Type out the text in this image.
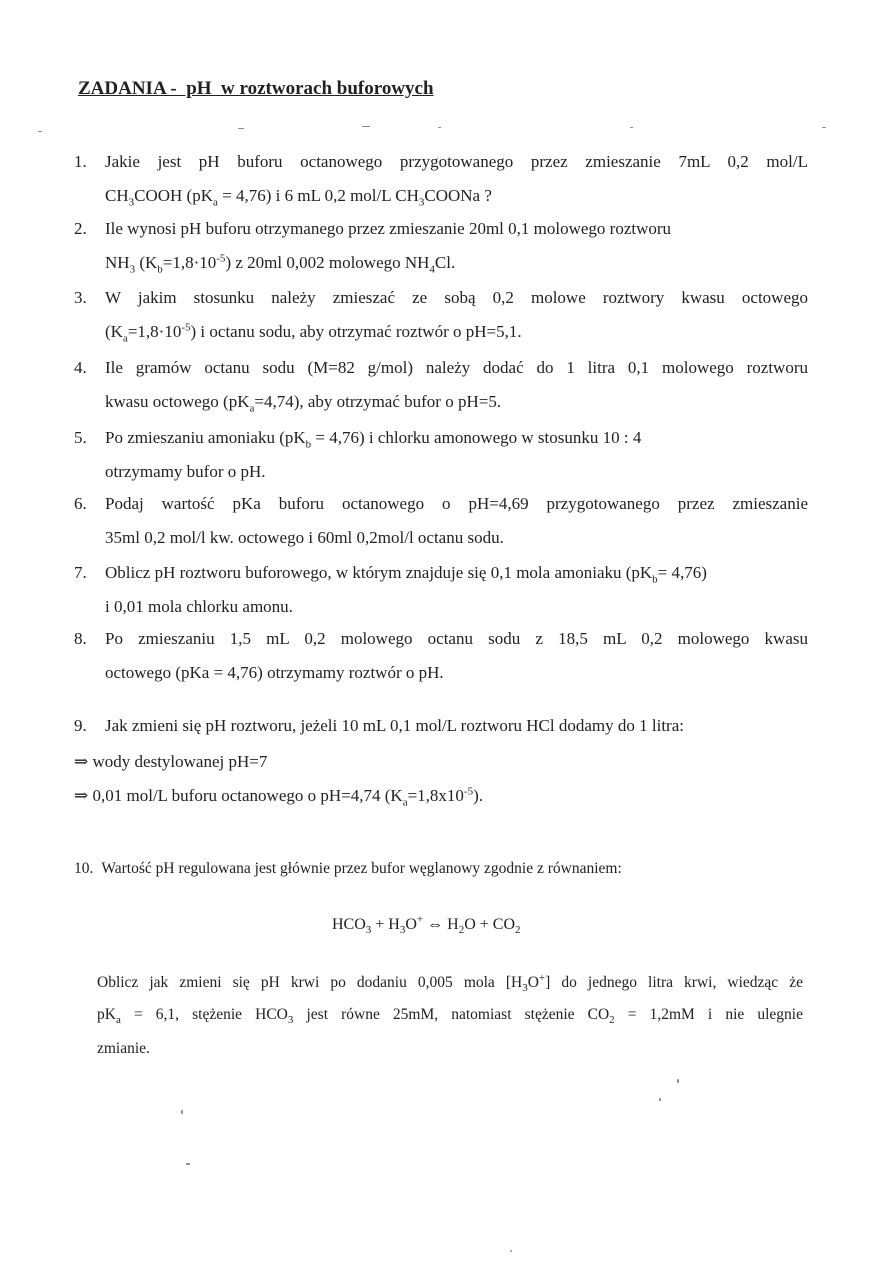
ZADANIA -  pH  w roztworach buforowych
1. Jakie jest pH buforu octanowego przygotowanego przez zmieszanie 7mL 0,2 mol/L
$CH_3COOH$ $(pK_a = 4,76)$ i 6 mL 0,2 mol/L $CH_3COONa$ ?
2. Ile wynosi pH buforu otrzymanego przez zmieszanie 20ml 0,1 molowego roztworu
$NH_3$ $(K_b=1,8\cdot 10^{-5})$ z 20ml 0,002 molowego $NH_4Cl$.
3. W jakim stosunku należy zmieszać ze sobą 0,2 molowe roztwory kwasu octowego
$(K_a=1,8\cdot 10^{-5})$ i octanu sodu, aby otrzymać roztwór o pH=5,1.
4. Ile gramów octanu sodu (M=82 g/mol) należy dodać do 1 litra 0,1 molowego roztworu
kwasu octowego $(pK_a=4,74)$, aby otrzymać bufor o pH=5.
5. Po zmieszaniu amoniaku $(pK_b = 4,76)$ i chlorku amonowego w stosunku 10 : 4
otrzymamy bufor o pH.
6. Podaj wartość pKa buforu octanowego o pH=4,69 przygotowanego przez zmieszanie
35ml 0,2 mol/l kw. octowego i 60ml 0,2mol/l octanu sodu.
7. Oblicz pH roztworu buforowego, w którym znajduje się 0,1 mola amoniaku $(pK_b= 4,76)$
i 0,01 mola chlorku amonu.
8. Po zmieszaniu 1,5 mL 0,2 molowego octanu sodu z 18,5 mL 0,2 molowego kwasu
octowego (pKa = 4,76) otrzymamy roztwór o pH.
9. Jak zmieni się pH roztworu, jeżeli 10 mL 0,1 mol/L roztworu HCl dodamy do 1 litra:
⇒ wody destylowanej pH=7
⇒ 0,01 mol/L buforu octanowego o pH=4,74 $(K_a=1,8x10^{-5})$.
10. Wartość pH regulowana jest głównie przez bufor węglanowy zgodnie z równaniem:
$HCO_3 + H_3O^+$ ⇔ $H_2O + CO_2$
Oblicz jak zmieni się pH krwi po dodaniu 0,005 mola $[H_3O^+]$ do jednego litra krwi, wiedząc że
$pK_a = 6,1$, stężenie $HCO_3$ jest równe 25mM, natomiast stężenie $CO_2 = 1,2mM$ i nie ulegnie
zmianie.
